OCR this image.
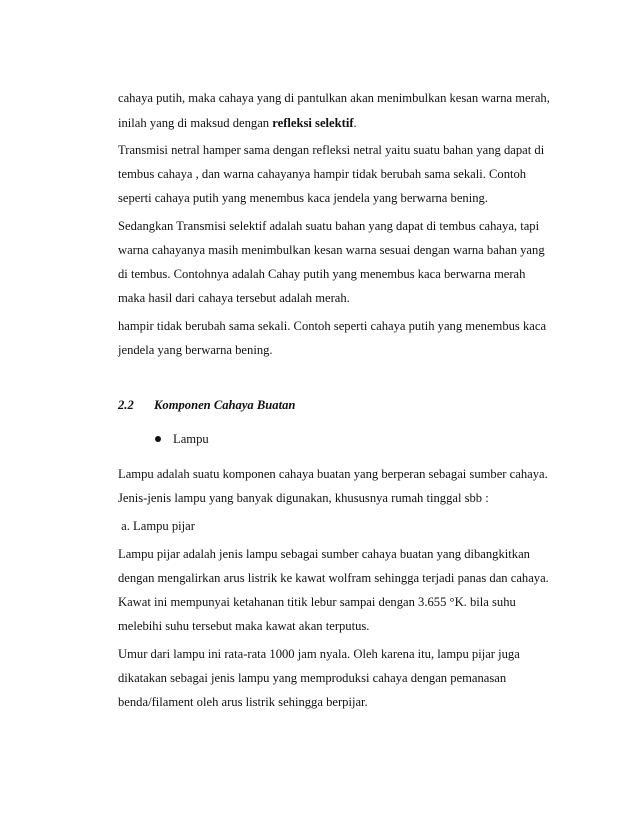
cahaya putih, maka cahaya yang di pantulkan akan menimbulkan kesan warna merah,

inilah yang di maksud dengan refleksi selektif.

Transmisi netral hamper sama dengan refleksi netral yaitu suatu bahan yang dapat di

tembus cahaya , dan warna cahayanya hampir tidak berubah sama sekali. Contoh

seperti cahaya putih yang menembus kaca jendela yang berwarna bening.

Sedangkan Transmisi selektif adalah suatu bahan yang dapat di tembus cahaya, tapi

warna cahayanya masih menimbulkan kesan warna sesuai dengan warna bahan yang

di tembus. Contohnya adalah Cahay putih yang menembus kaca berwarna merah

maka hasil dari cahaya tersebut adalah merah.

hampir tidak berubah sama sekali. Contoh seperti cahaya putih yang menembus kaca

jendela yang berwarna bening.

2.2 Komponen Cahaya Buatan

Lampu

Lampu adalah suatu komponen cahaya buatan yang berperan sebagai sumber cahaya.

Jenis-jenis lampu yang banyak digunakan, khususnya rumah tinggal sbb :

a. Lampu pijar

Lampu pijar adalah jenis lampu sebagai sumber cahaya buatan yang dibangkitkan

dengan mengalirkan arus listrik ke kawat wolfram sehingga terjadi panas dan cahaya.

Kawat ini mempunyai ketahanan titik lebur sampai dengan 3.655 °K. bila suhu

melebihi suhu tersebut maka kawat akan terputus.

Umur dari lampu ini rata-rata 1000 jam nyala. Oleh karena itu, lampu pijar juga

dikatakan sebagai jenis lampu yang memproduksi cahaya dengan pemanasan

benda/filament oleh arus listrik sehingga berpijar.
